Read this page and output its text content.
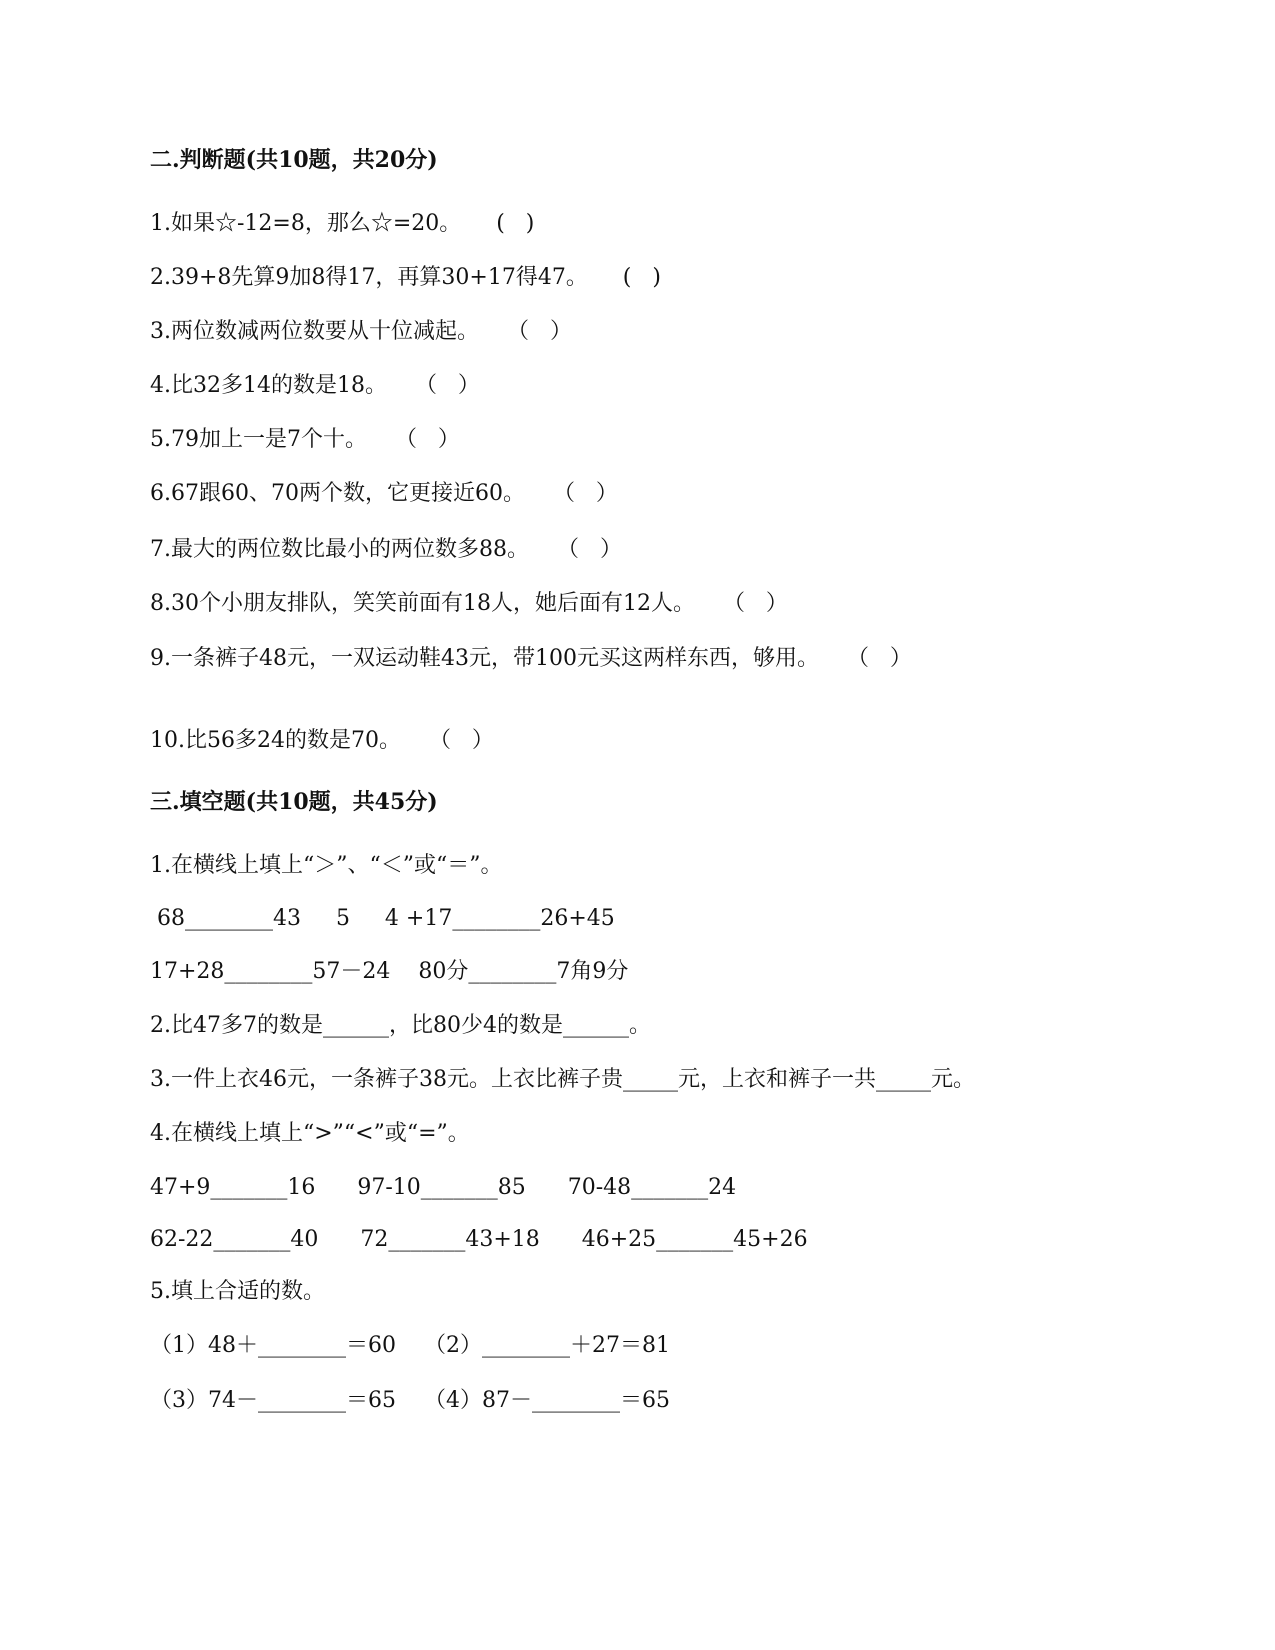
二.判断题(共10题，共20分)
1.如果☆-12=8，那么☆=20。     (   )
2.39+8先算9加8得17，再算30+17得47。     (   )
3.两位数减两位数要从十位减起。    （   ）
4.比32多14的数是18。    （   ）
5.79加上一是7个十。    （   ）
6.67跟60、70两个数，它更接近60。    （   ）
7.最大的两位数比最小的两位数多88。    （   ）
8.30个小朋友排队，笑笑前面有18人，她后面有12人。    （   ）
9.一条裤子48元，一双运动鞋43元，带100元买这两样东西，够用。    （   ）
10.比56多24的数是70。    （   ）
三.填空题(共10题，共45分)
1.在横线上填上“＞”、“＜”或“＝”。
68________43     5     4 +17________26+45
17+28________57－24    80分________7角9分
2.比47多7的数是______，比80少4的数是______。
3.一件上衣46元，一条裤子38元。上衣比裤子贵_____元，上衣和裤子一共_____元。
4.在横线上填上“>”“<”或“=”。
47+9_______16      97-10_______85      70-48_______24
62-22_______40      72_______43+18      46+25_______45+26
5.填上合适的数。
（1）48＋________＝60    （2）________＋27＝81
（3）74－________＝65    （4）87－________＝65
